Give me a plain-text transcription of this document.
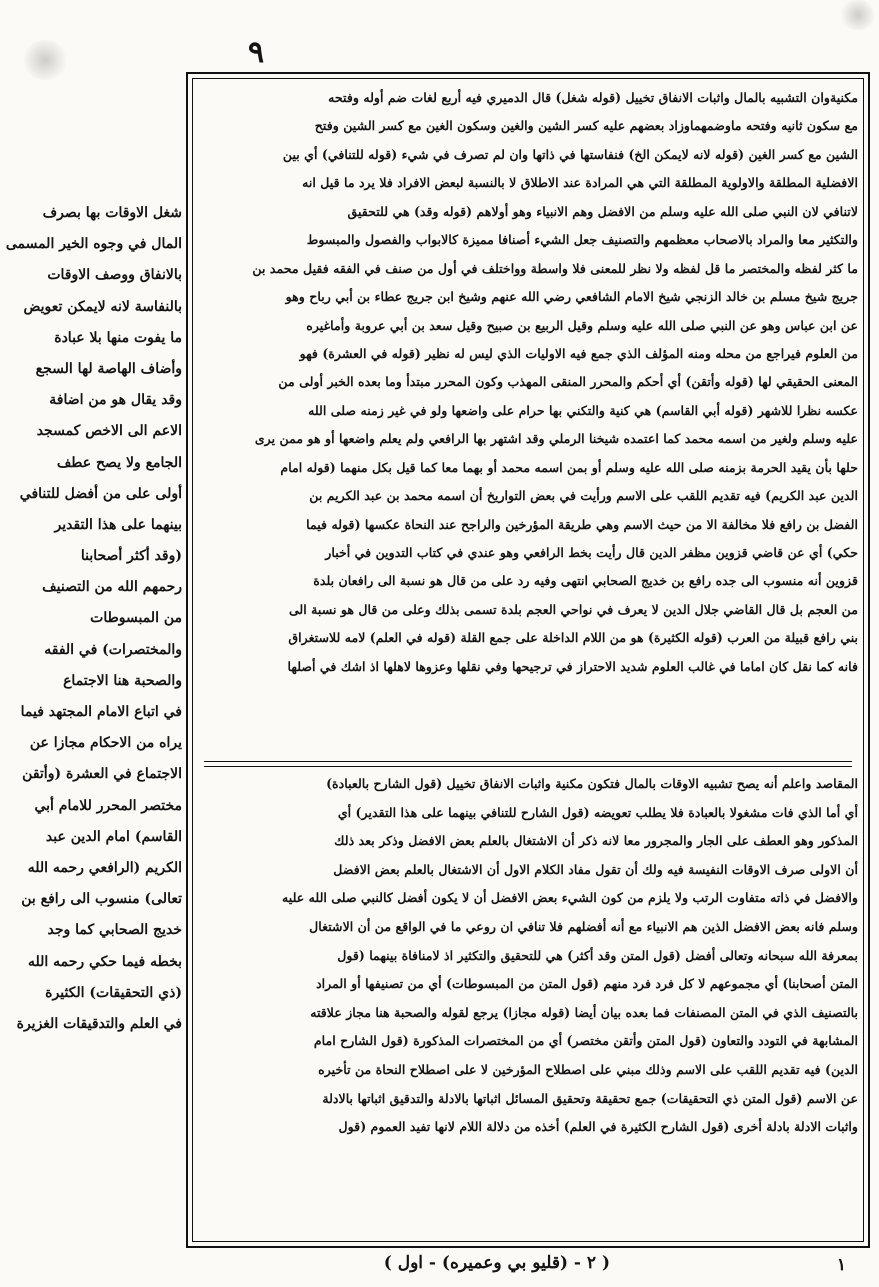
٩
مكنيةوان التشبيه بالمال واثبات الانفاق تخييل (قوله شغل) قال الدميري فيه أربع لغات ضم أوله وفتحه
مع سكون ثانيه وفتحه ماوضمهماوزاد بعضهم عليه كسر الشين والغين وسكون الغين مع كسر الشين وفتح
الشين مع كسر الغين (قوله لانه لايمكن الخ) فنفاستها في ذاتها وان لم تصرف في شيء (قوله للتنافي) أي بين
الافضلية المطلقة والاولوية المطلقة التي هي المرادة عند الاطلاق لا بالنسبة لبعض الافراد فلا يرد ما قيل انه
لاتنافي لان النبي صلى الله عليه وسلم من الافضل وهم الانبياء وهو أولاهم (قوله وقد) هي للتحقيق
والتكثير معا والمراد بالاصحاب معظمهم والتصنيف جعل الشيء أصنافا مميزة كالابواب والفصول والمبسوط
ما كثر لفظه والمختصر ما قل لفظه ولا نظر للمعنى فلا واسطة وواختلف في أول من صنف في الفقه فقيل محمد بن
جريج شيخ مسلم بن خالد الزنجي شيخ الامام الشافعي رضي الله عنهم وشيخ ابن جريج عطاء بن أبي رباح وهو
عن ابن عباس وهو عن النبي صلى الله عليه وسلم وقيل الربيع بن صبيح وقيل سعد بن أبي عروبة وأماغيره
من العلوم فيراجع من محله ومنه المؤلف الذي جمع فيه الاوليات الذي ليس له نظير (قوله في العشرة) فهو
المعنى الحقيقي لها (قوله وأتقن) أي أحكم والمحرر المنقى المهذب وكون المحرر مبتدأ وما بعده الخبر أولى من
عكسه نظرا للاشهر (قوله أبي القاسم) هي كنية والتكني بها حرام على واضعها ولو في غير زمنه صلى الله
عليه وسلم ولغير من اسمه محمد كما اعتمده شيخنا الرملي وقد اشتهر بها الرافعي ولم يعلم واضعها أو هو ممن يرى
حلها بأن يقيد الحرمة بزمنه صلى الله عليه وسلم أو بمن اسمه محمد أو بهما معا كما قيل بكل منهما (قوله امام
الدين عبد الكريم) فيه تقديم اللقب على الاسم ورأيت في بعض التواريخ أن اسمه محمد بن عبد الكريم بن
الفضل بن رافع فلا مخالفة الا من حيث الاسم وهي طريقة المؤرخين والراجح عند النحاة عكسها (قوله فيما
حكي) أي عن قاضي قزوين مظفر الدين قال رأيت بخط الرافعي وهو عندي في كتاب التدوين في أخبار
قزوين أنه منسوب الى جده رافع بن خديج الصحابي انتهى وفيه رد على من قال هو نسبة الى رافعان بلدة
من العجم بل قال القاضي جلال الدين لا يعرف في نواحي العجم بلدة تسمى بذلك وعلى من قال هو نسبة الى
بني رافع قبيلة من العرب (قوله الكثيرة) هو من اللام الداخلة على جمع القلة (قوله في العلم) لامه للاستغراق
فانه كما نقل كان اماما في غالب العلوم شديد الاحتراز في ترجيحها وفي نقلها وعزوها لاهلها اذ اشك في أصلها
المقاصد واعلم أنه يصح تشبيه الاوقات بالمال فتكون مكنية واثبات الانفاق تخييل (قول الشارح بالعبادة)
أي أما الذي فات مشغولا بالعبادة فلا يطلب تعويضه (قول الشارح للتنافي بينهما على هذا التقدير) أي
المذكور وهو العطف على الجار والمجرور معا لانه ذكر أن الاشتغال بالعلم بعض الافضل وذكر بعد ذلك
أن الاولى صرف الاوقات النفيسة فيه ولك أن تقول مفاد الكلام الاول أن الاشتغال بالعلم بعض الافضل
والافضل في ذاته متفاوت الرتب ولا يلزم من كون الشيء بعض الافضل أن لا يكون أفضل كالنبي صلى الله عليه
وسلم فانه بعض الافضل الذين هم الانبياء مع أنه أفضلهم فلا تنافي ان روعي ما في الواقع من أن الاشتغال
بمعرفة الله سبحانه وتعالى أفضل (قول المتن وقد أكثر) هي للتحقيق والتكثير اذ لامنافاة بينهما (قول
المتن أصحابنا) أي مجموعهم لا كل فرد فرد منهم (قول المتن من المبسوطات) أي من تصنيفها أو المراد
بالتصنيف الذي في المتن المصنفات فما بعده بيان أيضا (قوله مجازا) يرجع لقوله والصحبة هنا مجاز علاقته
المشابهة في التودد والتعاون (قول المتن وأتقن مختصر) أي من المختصرات المذكورة (قول الشارح امام
الدين) فيه تقديم اللقب على الاسم وذلك مبني على اصطلاح المؤرخين لا على اصطلاح النحاة من تأخيره
عن الاسم (قول المتن ذي التحقيقات) جمع تحقيقة وتحقيق المسائل اثباتها بالادلة والتدقيق اثباتها بالادلة
واثبات الادلة بادلة أخرى (قول الشارح الكثيرة في العلم) أخذه من دلالة اللام لانها تفيد العموم (قول
شغل الاوقات بها بصرف
المال في وجوه الخير المسمى
بالانفاق ووصف الاوقات
بالنفاسة لانه لايمكن تعويض
ما يفوت منها بلا عبادة
وأضاف الهاصة لها السجع
وقد يقال هو من اضافة
الاعم الى الاخص كمسجد
الجامع ولا يصح عطف
أولى على من أفضل للتنافي
بينهما على هذا التقدير
(وقد أكثر أصحابنا
رحمهم الله من التصنيف
من المبسوطات
والمختصرات) في الفقه
والصحبة هنا الاجتماع
في اتباع الامام المجتهد فيما
يراه من الاحكام مجازا عن
الاجتماع في العشرة (وأتقن
مختصر المحرر للامام أبي
القاسم) امام الدين عبد
الكريم (الرافعي رحمه الله
تعالى) منسوب الى رافع بن
خديج الصحابي كما وجد
بخطه فيما حكي رحمه الله
(ذي التحقيقات) الكثيرة
في العلم والتدقيقات الغزيرة
١
( ٢ - (قليو بي وعميره) - اول )
